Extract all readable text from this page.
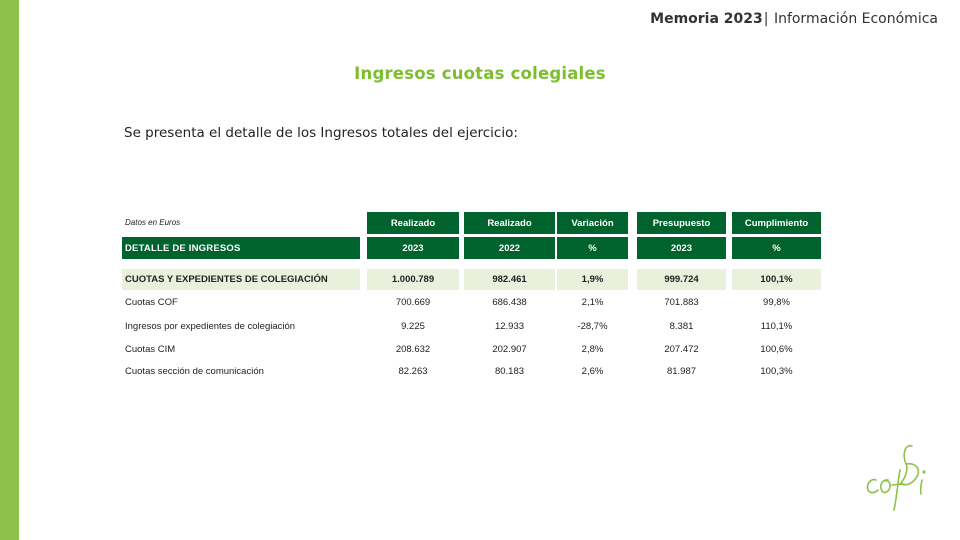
Memoria 2023| Información Económica
Ingresos cuotas colegiales
Se presenta el detalle de los Ingresos totales del ejercicio:
Datos en Euros	Realizado	Realizado	Variación	Presupuesto	Cumplimiento
DETALLE DE INGRESOS	2023	2022	%	2023	%
CUOTAS Y EXPEDIENTES DE COLEGIACIÓN	1.000.789	982.461	1,9%	999.724	100,1%
Cuotas COF	700.669	686.438	2,1%	701.883	99,8%
Ingresos por expedientes de colegiación	9.225	12.933	-28,7%	8.381	110,1%
Cuotas CIM	208.632	202.907	2,8%	207.472	100,6%
Cuotas sección de comunicación	82.263	80.183	2,6%	81.987	100,3%
